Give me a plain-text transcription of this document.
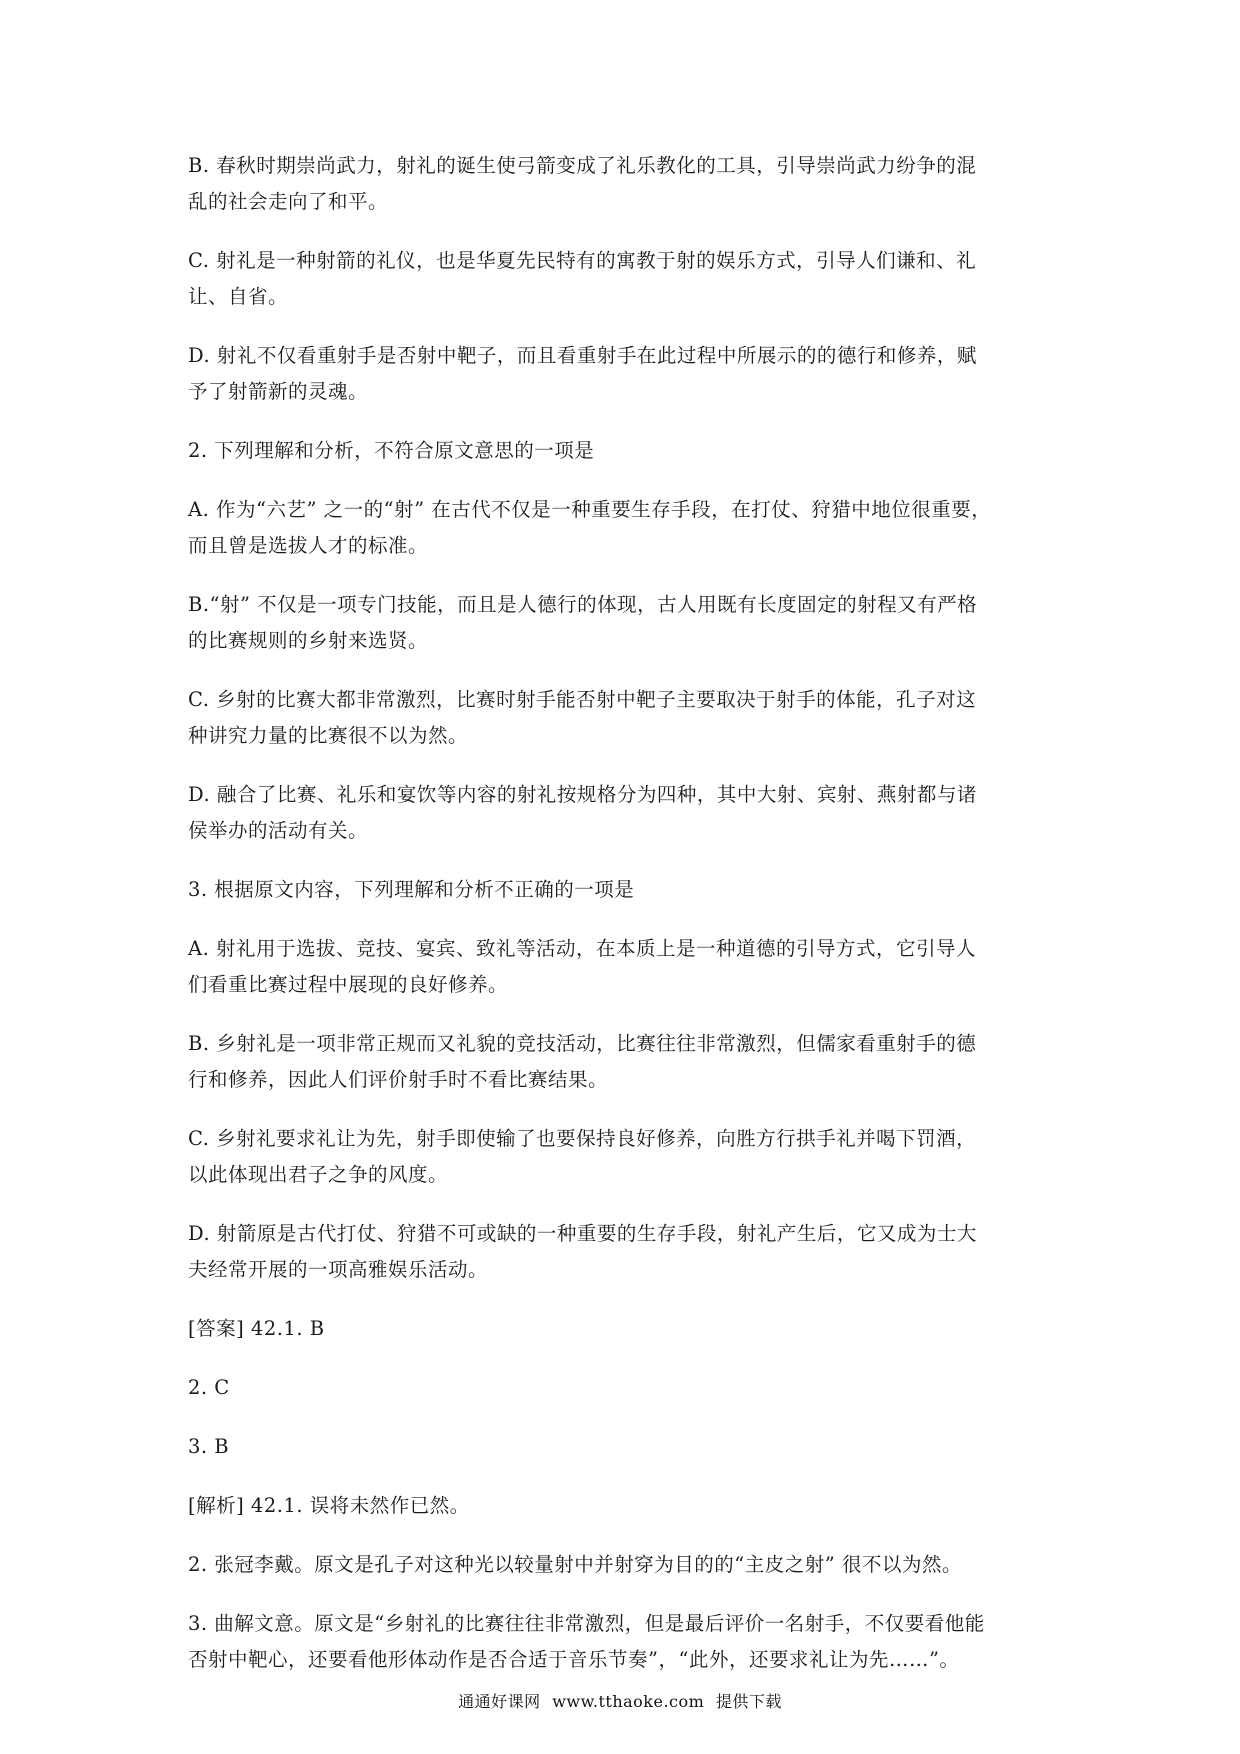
B. 春秋时期崇尚武力，射礼的诞生使弓箭变成了礼乐教化的工具，引导崇尚武力纷争的混
乱的社会走向了和平。

C. 射礼是一种射箭的礼仪，也是华夏先民特有的寓教于射的娱乐方式，引导人们谦和、礼
让、自省。

D. 射礼不仅看重射手是否射中靶子，而且看重射手在此过程中所展示的的德行和修养，赋
予了射箭新的灵魂。

2. 下列理解和分析，不符合原文意思的一项是

A. 作为“六艺” 之一的“射” 在古代不仅是一种重要生存手段，在打仗、狩猎中地位很重要，
而且曾是选拔人才的标准。

B.“射” 不仅是一项专门技能，而且是人德行的体现，古人用既有长度固定的射程又有严格
的比赛规则的乡射来选贤。

C. 乡射的比赛大都非常激烈，比赛时射手能否射中靶子主要取决于射手的体能，孔子对这
种讲究力量的比赛很不以为然。

D. 融合了比赛、礼乐和宴饮等内容的射礼按规格分为四种，其中大射、宾射、燕射都与诸
侯举办的活动有关。

3. 根据原文内容，下列理解和分析不正确的一项是

A. 射礼用于选拔、竞技、宴宾、致礼等活动，在本质上是一种道德的引导方式，它引导人
们看重比赛过程中展现的良好修养。

B. 乡射礼是一项非常正规而又礼貌的竞技活动，比赛往往非常激烈，但儒家看重射手的德
行和修养，因此人们评价射手时不看比赛结果。

C. 乡射礼要求礼让为先，射手即使输了也要保持良好修养，向胜方行拱手礼并喝下罚酒，
以此体现出君子之争的风度。

D. 射箭原是古代打仗、狩猎不可或缺的一种重要的生存手段，射礼产生后，它又成为士大
夫经常开展的一项高雅娱乐活动。

[答案] 42.1. B

2. C

3. B

[解析] 42.1. 误将未然作已然。

2. 张冠李戴。原文是孔子对这种光以较量射中并射穿为目的的“主皮之射” 很不以为然。

3. 曲解文意。原文是“乡射礼的比赛往往非常激烈，但是最后评价一名射手，不仅要看他能
否射中靶心，还要看他形体动作是否合适于音乐节奏”，“此外，还要求礼让为先……”。

通通好课网 www.tthaoke.com 提供下载
